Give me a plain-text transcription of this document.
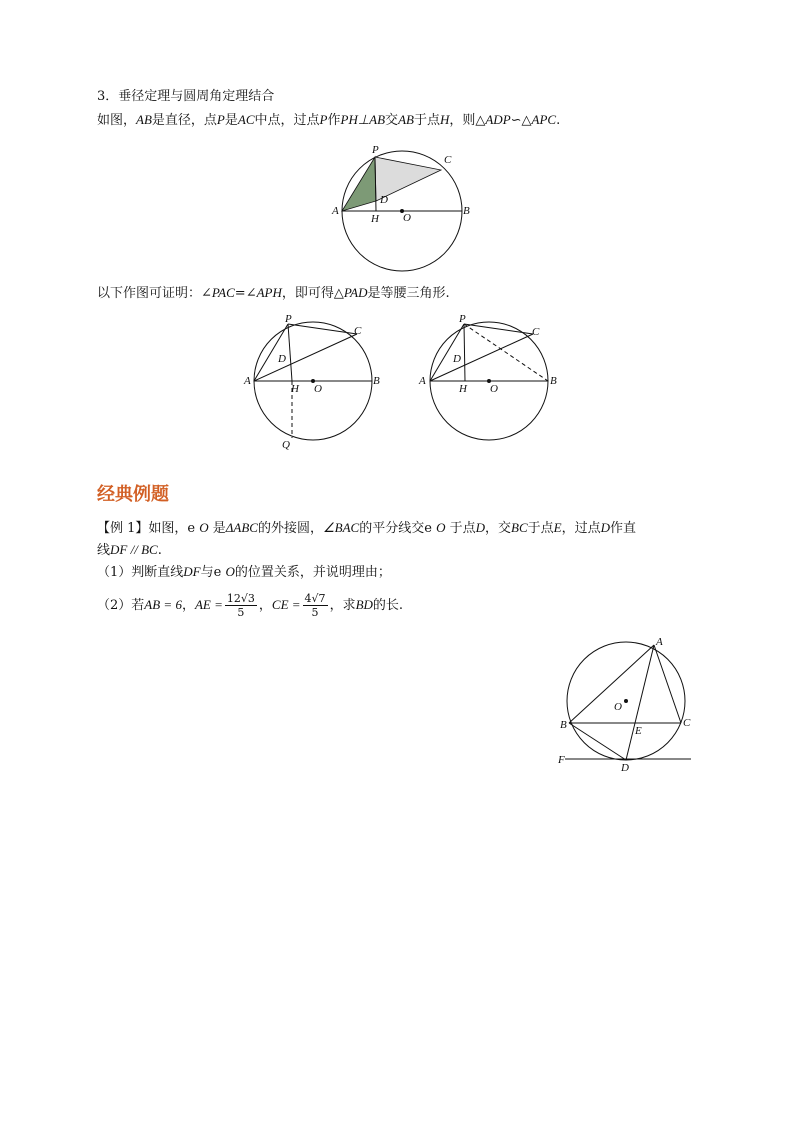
3．垂径定理与圆周角定理结合
如图，AB是直径，点P是AC中点，过点P作PH⊥AB交AB于点H，则△ADP∽△APC.
P
C
A	B
D
H O
以下作图可证明：∠PAC=∠APH，即可得△PAD是等腰三角形.
P
C
A	B
D
H O
Q
P
C
A	B
D
H O
经典例题
【例 1】如图，e O 是ΔABC的外接圆，∠BAC的平分线交e O 于点D，交BC于点E，过点D作直
线DF // BC.
（1）判断直线DF与e O的位置关系，并说明理由；
（2）若AB = 6，AE = $\frac{12√3}{5}$ ，CE = $\frac{4√7}{5}$ ，求BD的长.
A
B	C
O
E
D
F
